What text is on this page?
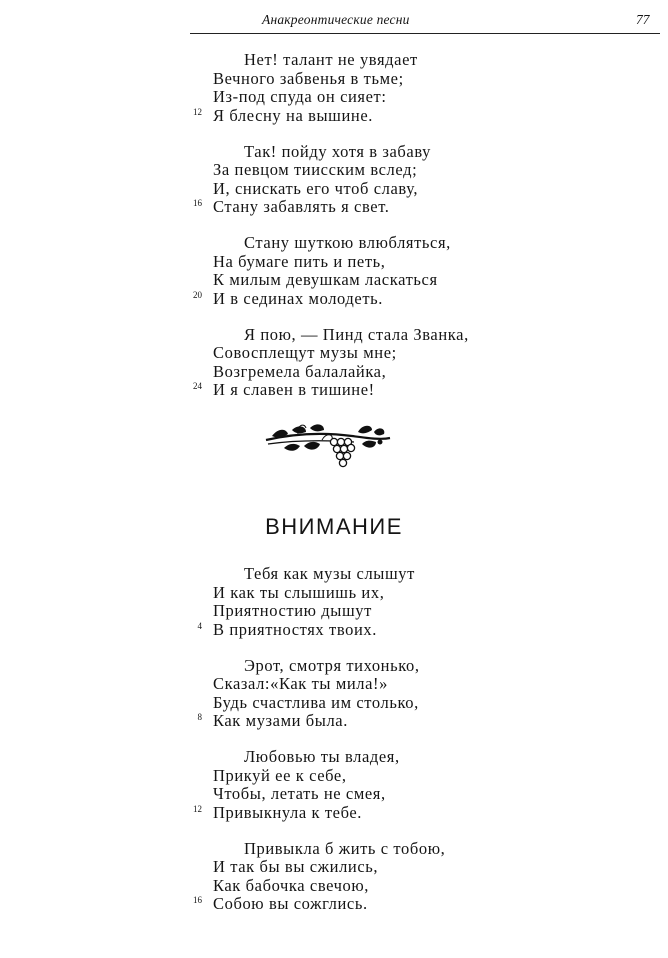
Анакреонтические песни	77
Нет! талант не увядает
Вечного забвенья в тьме;
Из-под спуда он сияет:
Я блесну на вышине.
12
Так! пойду хотя в забаву
За певцом тиисским вслед;
И, снискать его чтоб славу,
Стану забавлять я свет.
16
Стану шуткою влюбляться,
На бумаге пить и петь,
К милым девушкам ласкаться
И в сединах молодеть.
20
Я пою, — Пинд стала Званка,
Совосплещут музы мне;
Возгремела балалайка,
И я славен в тишине!
24
ВНИМАНИЕ
Тебя как музы слышут
И как ты слышишь их,
Приятностию дышут
В приятностях твоих.
4
Эрот, смотря тихонько,
Сказал:«Как ты мила!»
Будь счастлива им столько,
Как музами была.
8
Любовью ты владея,
Прикуй ее к себе,
Чтобы, летать не смея,
Привыкнула к тебе.
12
Привыкла б жить с тобою,
И так бы вы сжились,
Как бабочка свечою,
Собою вы сожглись.
16
